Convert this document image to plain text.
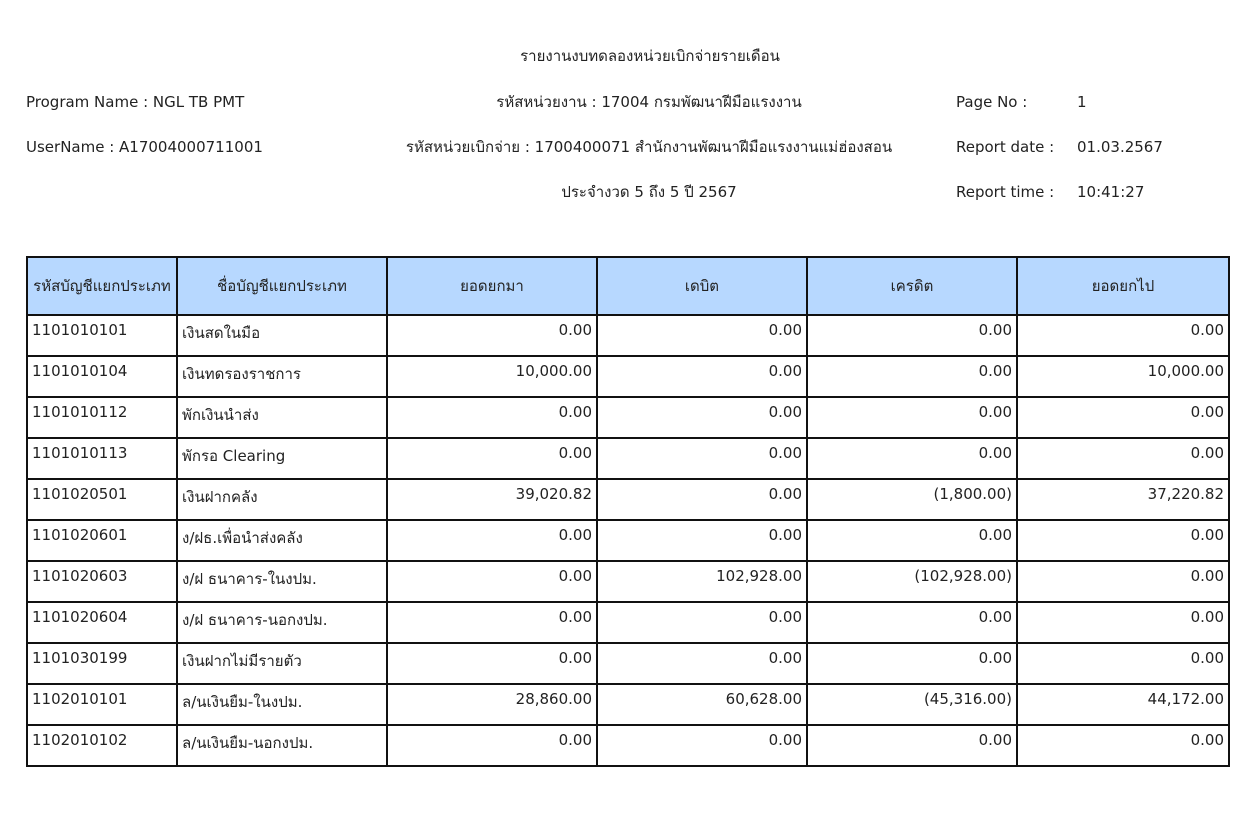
รายงานงบทดลองหน่วยเบิกจ่ายรายเดือน
Program Name : NGL TB PMT	รหัสหน่วยงาน : 17004 กรมพัฒนาฝีมือแรงงาน	Page No :	1
UserName : A17004000711001	รหัสหน่วยเบิกจ่าย : 1700400071 สำนักงานพัฒนาฝีมือแรงงานแม่ฮ่องสอน	Report date : 01.03.2567
ประจำงวด 5 ถึง 5 ปี 2567	Report time : 10:41:27
รหัสบัญชีแยกประเภท	ชื่อบัญชีแยกประเภท	ยอดยกมา	เดบิต	เครดิต	ยอดยกไป
1101010101	เงินสดในมือ	0.00	0.00	0.00	0.00
1101010104	เงินทดรองราชการ	10,000.00	0.00	0.00	10,000.00
1101010112	พักเงินนำส่ง	0.00	0.00	0.00	0.00
1101010113	พักรอ Clearing	0.00	0.00	0.00	0.00
1101020501	เงินฝากคลัง	39,020.82	0.00	(1,800.00)	37,220.82
1101020601	ง/ฝธ.เพื่อนำส่งคลัง	0.00	0.00	0.00	0.00
1101020603	ง/ฝ ธนาคาร-ในงปม.	0.00	102,928.00	(102,928.00)	0.00
1101020604	ง/ฝ ธนาคาร-นอกงปม.	0.00	0.00	0.00	0.00
1101030199	เงินฝากไม่มีรายตัว	0.00	0.00	0.00	0.00
1102010101	ล/นเงินยืม-ในงปม.	28,860.00	60,628.00	(45,316.00)	44,172.00
1102010102	ล/นเงินยืม-นอกงปม.	0.00	0.00	0.00	0.00
